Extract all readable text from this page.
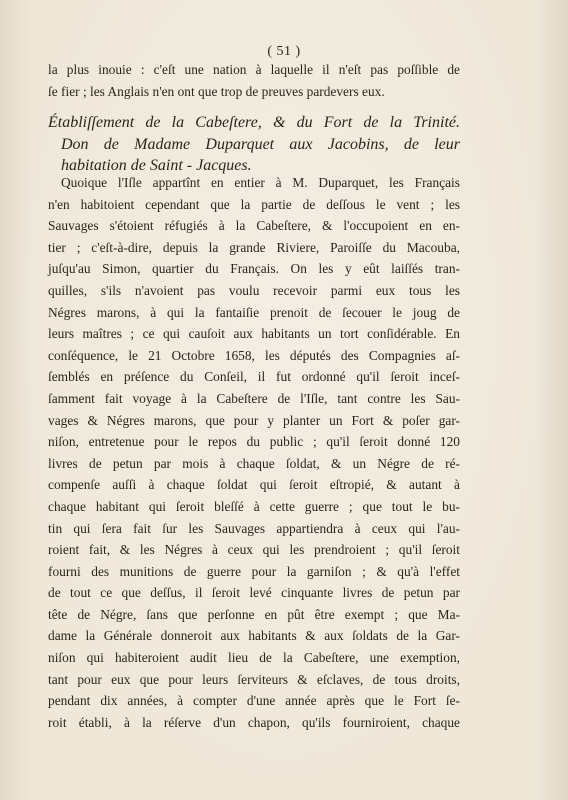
( 51 )
la plus inouie : c'eſt une nation à laquelle il n'eſt pas poſſible de
ſe fier ; les Anglais n'en ont que trop de preuves pardevers eux.
Établiſſement de la Cabeſtere, & du Fort de la Trinité.
Don de Madame Duparquet aux Jacobins, de leur
habitation de Saint - Jacques.
Quoique l'Iſle appartînt en entier à M. Duparquet, les Français
n'en habitoient cependant que la partie de deſſous le vent ; les
Sauvages s'étoient réfugiés à la Cabeſtere, & l'occupoient en en-
tier ; c'eſt-à-dire, depuis la grande Riviere, Paroiſſe du Macouba,
juſqu'au Simon, quartier du Français. On les y eût laiſſés tran-
quilles, s'ils n'avoient pas voulu recevoir parmi eux tous les
Négres marons, à qui la fantaiſie prenoit de ſecouer le joug de
leurs maîtres ; ce qui cauſoit aux habitants un tort conſidérable. En
conſéquence, le 21 Octobre 1658, les députés des Compagnies aſ-
ſemblés en préſence du Conſeil, il fut ordonné qu'il ſeroit inceſ-
ſamment fait voyage à la Cabeſtere de l'Iſle, tant contre les Sau-
vages & Négres marons, que pour y planter un Fort & poſer gar-
niſon, entretenue pour le repos du public ; qu'il ſeroit donné 120
livres de petun par mois à chaque ſoldat, & un Négre de ré-
compenſe auſſi à chaque ſoldat qui ſeroit eſtropié, & autant à
chaque habitant qui ſeroit bleſſé à cette guerre ; que tout le bu-
tin qui ſera fait ſur les Sauvages appartiendra à ceux qui l'au-
roient fait, & les Négres à ceux qui les prendroient ; qu'il ſeroit
fourni des munitions de guerre pour la garniſon ; & qu'à l'effet
de tout ce que deſſus, il ſeroit levé cinquante livres de petun par
tête de Négre, ſans que perſonne en pût être exempt ; que Ma-
dame la Générale donneroit aux habitants & aux ſoldats de la Gar-
niſon qui habiteroient audit lieu de la Cabeſtere, une exemption,
tant pour eux que pour leurs ſerviteurs & eſclaves, de tous droits,
pendant dix années, à compter d'une année après que le Fort ſe-
roit établi, à la réſerve d'un chapon, qu'ils fourniroient, chaque
